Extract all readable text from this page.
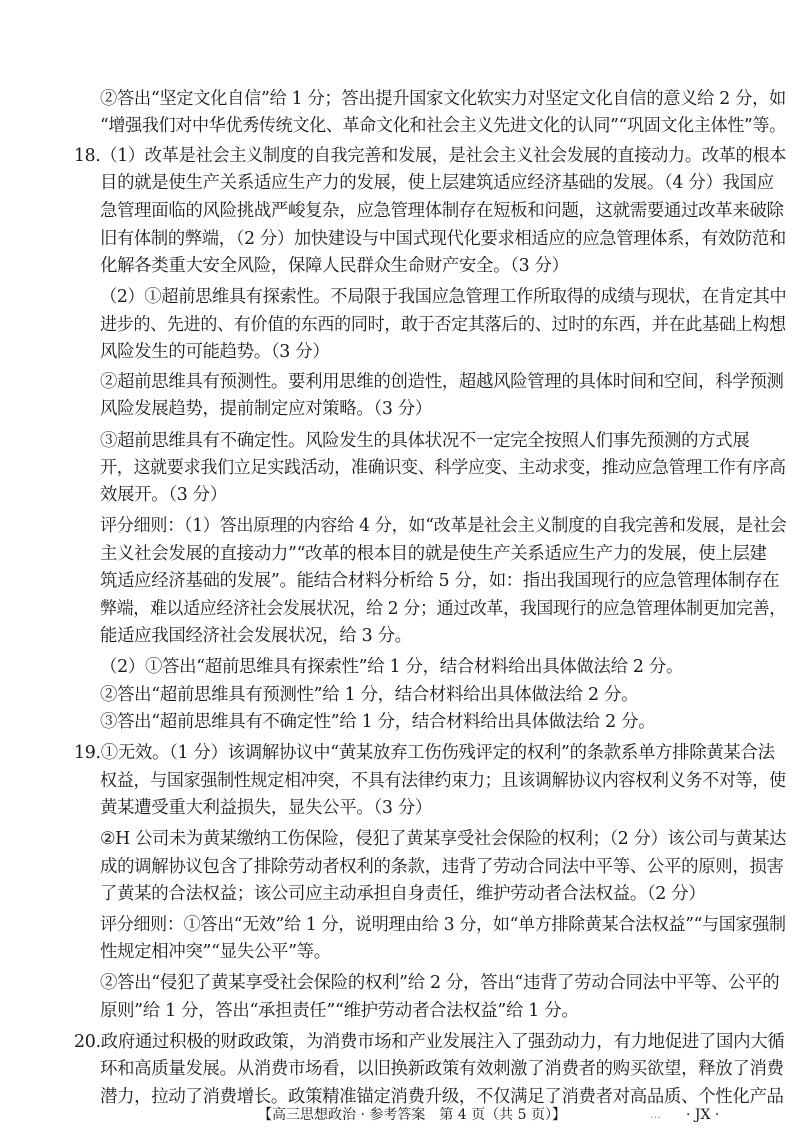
②答出“坚定文化自信”给 1 分；答出提升国家文化软实力对坚定文化自信的意义给 2 分，如
“增强我们对中华优秀传统文化、革命文化和社会主义先进文化的认同”“巩固文化主体性”等。
18.（1）改革是社会主义制度的自我完善和发展，是社会主义社会发展的直接动力。改革的根本
目的就是使生产关系适应生产力的发展，使上层建筑适应经济基础的发展。（4 分）我国应
急管理面临的风险挑战严峻复杂，应急管理体制存在短板和问题，这就需要通过改革来破除
旧有体制的弊端，（2 分）加快建设与中国式现代化要求相适应的应急管理体系，有效防范和
化解各类重大安全风险，保障人民群众生命财产安全。（3 分）
（2）①超前思维具有探索性。不局限于我国应急管理工作所取得的成绩与现状，在肯定其中
进步的、先进的、有价值的东西的同时，敢于否定其落后的、过时的东西，并在此基础上构想
风险发生的可能趋势。（3 分）
②超前思维具有预测性。要利用思维的创造性，超越风险管理的具体时间和空间，科学预测
风险发展趋势，提前制定应对策略。（3 分）
③超前思维具有不确定性。风险发生的具体状况不一定完全按照人们事先预测的方式展
开，这就要求我们立足实践活动，准确识变、科学应变、主动求变，推动应急管理工作有序高
效展开。（3 分）
评分细则：（1）答出原理的内容给 4 分，如“改革是社会主义制度的自我完善和发展，是社会
主义社会发展的直接动力”“改革的根本目的就是使生产关系适应生产力的发展，使上层建
筑适应经济基础的发展”。能结合材料分析给 5 分，如：指出我国现行的应急管理体制存在
弊端，难以适应经济社会发展状况，给 2 分；通过改革，我国现行的应急管理体制更加完善，
能适应我国经济社会发展状况，给 3 分。
（2）①答出“超前思维具有探索性”给 1 分，结合材料给出具体做法给 2 分。
②答出“超前思维具有预测性”给 1 分，结合材料给出具体做法给 2 分。
③答出“超前思维具有不确定性”给 1 分，结合材料给出具体做法给 2 分。
19.①无效。（1 分）该调解协议中“黄某放弃工伤伤残评定的权利”的条款系单方排除黄某合法
权益，与国家强制性规定相冲突，不具有法律约束力；且该调解协议内容权利义务不对等，使
黄某遭受重大利益损失，显失公平。（3 分）
②H 公司未为黄某缴纳工伤保险，侵犯了黄某享受社会保险的权利；（2 分）该公司与黄某达
成的调解协议包含了排除劳动者权利的条款，违背了劳动合同法中平等、公平的原则，损害
了黄某的合法权益；该公司应主动承担自身责任，维护劳动者合法权益。（2 分）
评分细则：①答出“无效”给 1 分，说明理由给 3 分，如“单方排除黄某合法权益”“与国家强制
性规定相冲突”“显失公平”等。
②答出“侵犯了黄某享受社会保险的权利”给 2 分，答出“违背了劳动合同法中平等、公平的
原则”给 1 分，答出“承担责任”“维护劳动者合法权益”给 1 分。
20.政府通过积极的财政政策，为消费市场和产业发展注入了强劲动力，有力地促进了国内大循
环和高质量发展。从消费市场看，以旧换新政策有效刺激了消费者的购买欲望，释放了消费
潜力，拉动了消费增长。政策精准锚定消费升级，不仅满足了消费者对高品质、个性化产品
【高三思想政治 · 参考答案　第 4 页（共 5 页）】	… · JX ·
